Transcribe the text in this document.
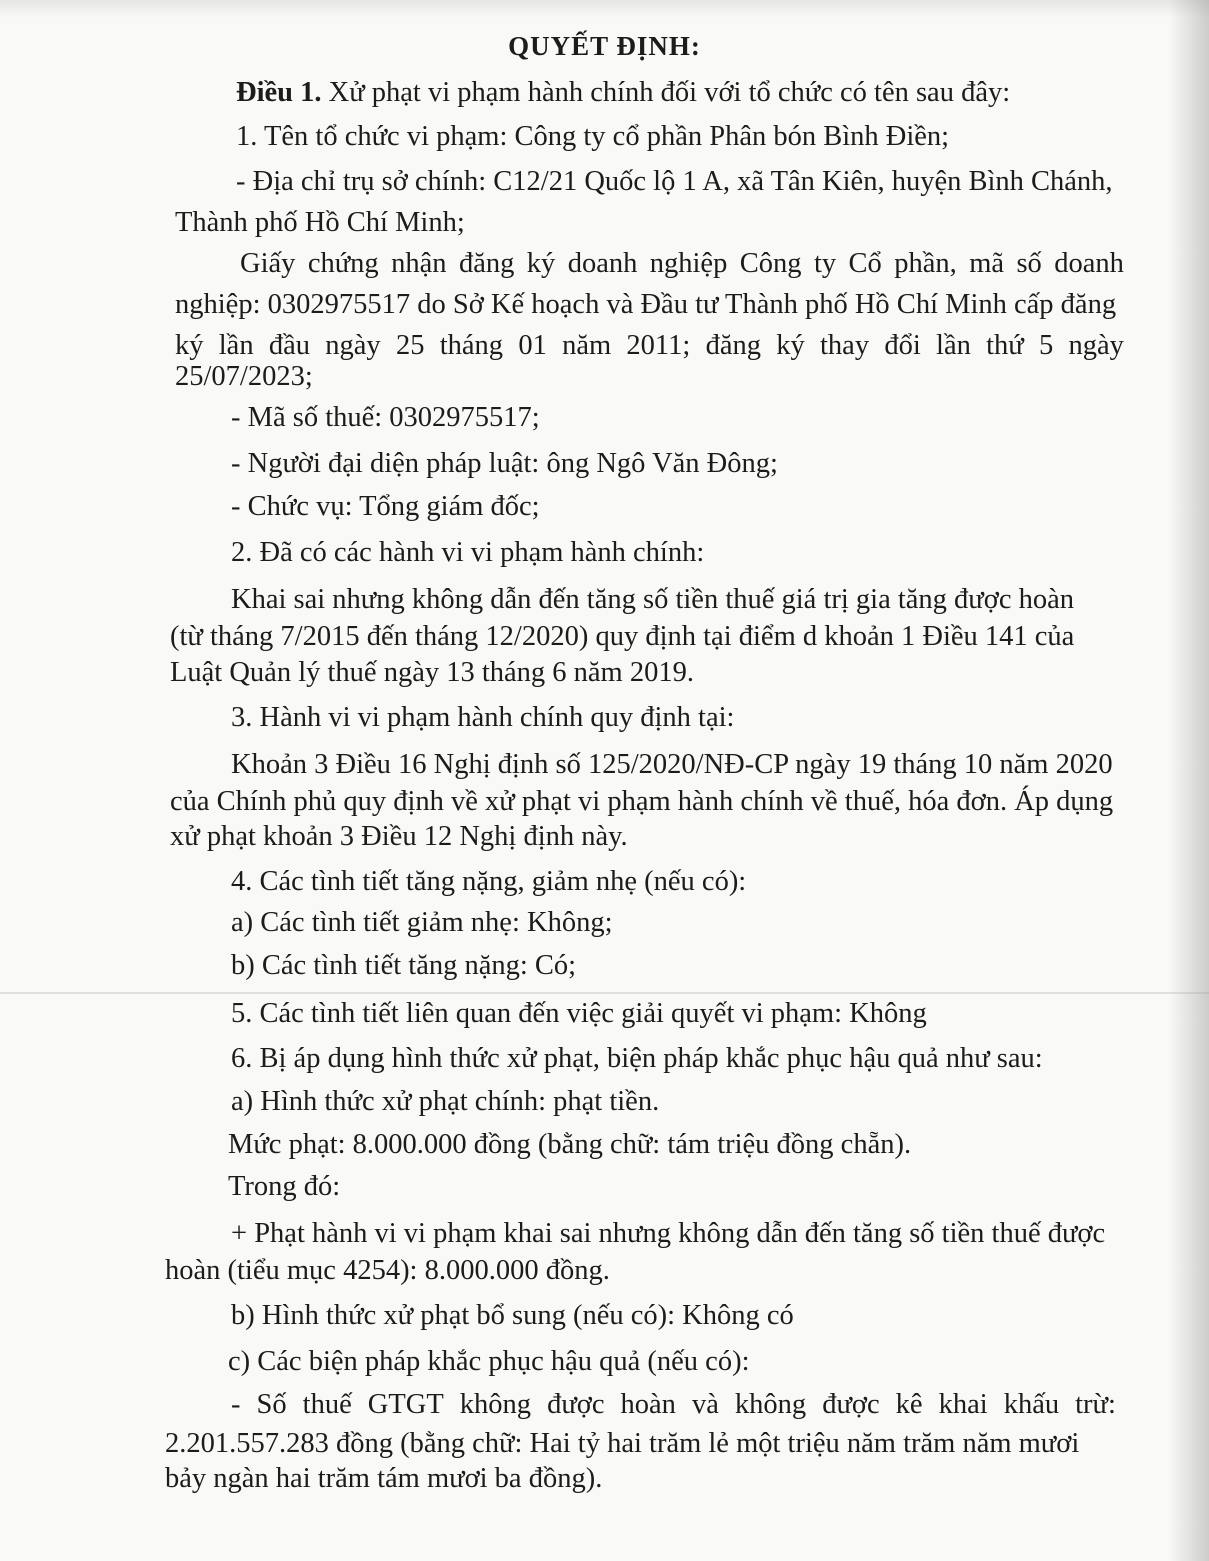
QUYẾT ĐỊNH:
Điều 1. Xử phạt vi phạm hành chính đối với tổ chức có tên sau đây:
1. Tên tổ chức vi phạm: Công ty cổ phần Phân bón Bình Điền;
- Địa chỉ trụ sở chính: C12/21 Quốc lộ 1 A, xã Tân Kiên, huyện Bình Chánh,
Thành phố Hồ Chí Minh;
Giấy chứng nhận đăng ký doanh nghiệp Công ty Cổ phần, mã số doanh
nghiệp: 0302975517 do Sở Kế hoạch và Đầu tư Thành phố Hồ Chí Minh cấp đăng
ký lần đầu ngày 25 tháng 01 năm 2011; đăng ký thay đổi lần thứ 5 ngày
25/07/2023;
- Mã số thuế: 0302975517;
- Người đại diện pháp luật: ông Ngô Văn Đông;
- Chức vụ: Tổng giám đốc;
2. Đã có các hành vi vi phạm hành chính:
Khai sai nhưng không dẫn đến tăng số tiền thuế giá trị gia tăng được hoàn
(từ tháng 7/2015 đến tháng 12/2020) quy định tại điểm d khoản 1 Điều 141 của
Luật Quản lý thuế ngày 13 tháng 6 năm 2019.
3. Hành vi vi phạm hành chính quy định tại:
Khoản 3 Điều 16 Nghị định số 125/2020/NĐ-CP ngày 19 tháng 10 năm 2020
của Chính phủ quy định về xử phạt vi phạm hành chính về thuế, hóa đơn. Áp dụng
xử phạt khoản 3 Điều 12 Nghị định này.
4. Các tình tiết tăng nặng, giảm nhẹ (nếu có):
a) Các tình tiết giảm nhẹ: Không;
b) Các tình tiết tăng nặng: Có;
5. Các tình tiết liên quan đến việc giải quyết vi phạm: Không
6. Bị áp dụng hình thức xử phạt, biện pháp khắc phục hậu quả như sau:
a) Hình thức xử phạt chính: phạt tiền.
Mức phạt: 8.000.000 đồng (bằng chữ: tám triệu đồng chẵn).
Trong đó:
+ Phạt hành vi vi phạm khai sai nhưng không dẫn đến tăng số tiền thuế được
hoàn (tiểu mục 4254): 8.000.000 đồng.
b) Hình thức xử phạt bổ sung (nếu có): Không có
c) Các biện pháp khắc phục hậu quả (nếu có):
- Số thuế GTGT không được hoàn và không được kê khai khấu trừ:
2.201.557.283 đồng (bằng chữ: Hai tỷ hai trăm lẻ một triệu năm trăm năm mươi
bảy ngàn hai trăm tám mươi ba đồng).
